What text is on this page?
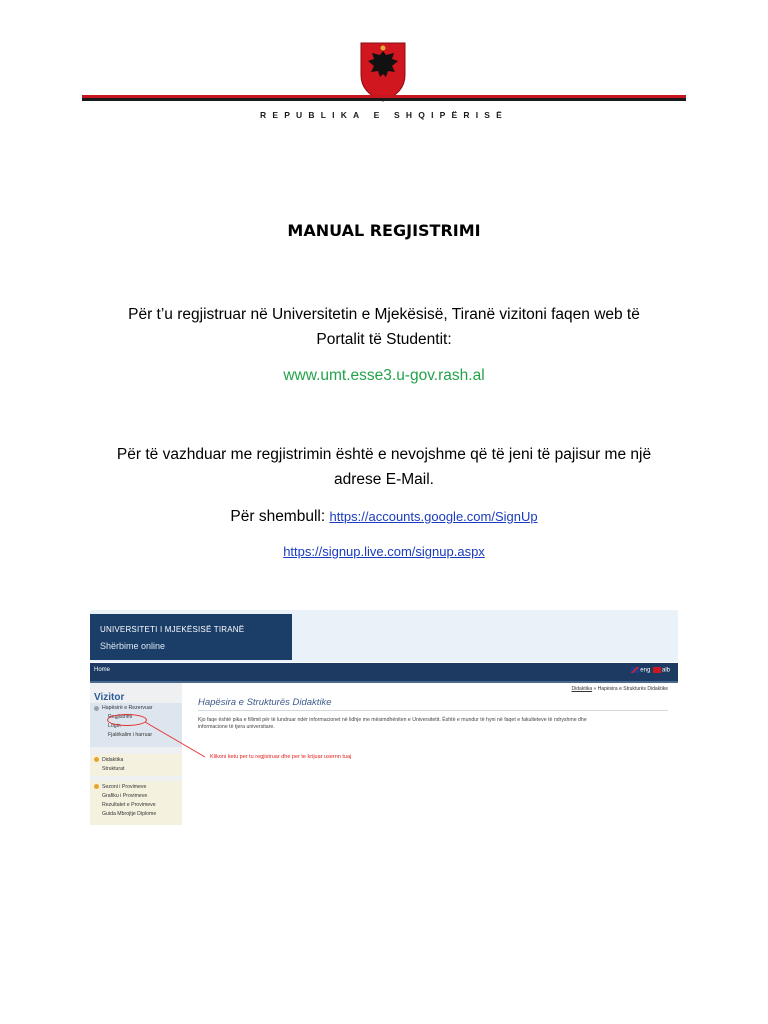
REPUBLIKA E SHQIPËRISË
MANUAL REGJISTRIMI
Për t’u regjistruar në Universitetin e Mjekësisë, Tiranë vizitoni faqen web të
Portalit të Studentit:
www.umt.esse3.u-gov.rash.al
Për të vazhduar me regjistrimin është e nevojshme që të jeni të pajisur me një
adrese E-Mail.
Për shembull: https://accounts.google.com/SignUp
https://signup.live.com/signup.aspx
UNIVERSITETI I MJEKËSISË TIRANË
Shërbime online
Home	eng alb
Vizitor
Hapësirë e Rezervuar
Regjistrimi
Login
Fjalëkalim i harruar
Didaktika
Strukturat
Sezoni i Provimeve
Grafiku i Provimeve
Rezultatet e Provimeve
Guida Mbrojtje Diplome
Didaktika » Hapësira e Strukturës Didaktike
Hapësira e Strukturës Didaktike
Kjo faqe është pika e fillimit për të lundruar ndër informacionet në lidhje me mësimdhëniten e Universitetit. Është e mundur të hyni në faqet e fakulteteve të ndryshme dhe
informacione të tjera universitare.
Klikoni ketu per tu regjistruar dhe per te krijuar usernn tuaj
